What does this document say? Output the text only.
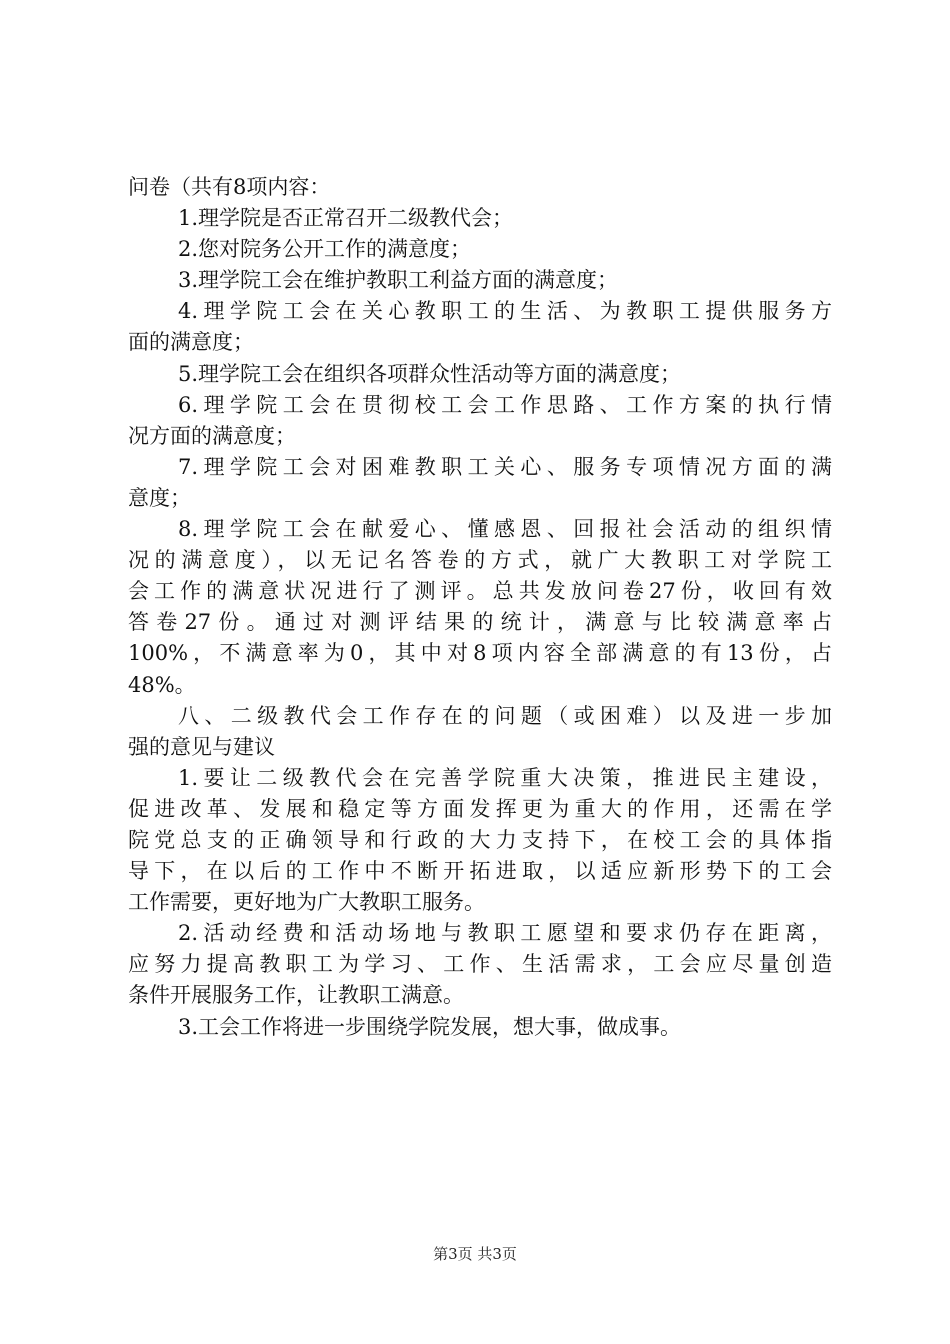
问卷（共有8项内容：
1.理学院是否正常召开二级教代会；
2.您对院务公开工作的满意度；
3.理学院工会在维护教职工利益方面的满意度；
4.理学院工会在关心教职工的生活、为教职工提供服务方
面的满意度；
5.理学院工会在组织各项群众性活动等方面的满意度；
6.理学院工会在贯彻校工会工作思路、工作方案的执行情
况方面的满意度；
7.理学院工会对困难教职工关心、服务专项情况方面的满
意度；
8.理学院工会在献爱心、懂感恩、回报社会活动的组织情
况的满意度），以无记名答卷的方式，就广大教职工对学院工
会工作的满意状况进行了测评。总共发放问卷27份，收回有效
答卷27份。通过对测评结果的统计，满意与比较满意率占
100%，不满意率为0，其中对8项内容全部满意的有13份，占
48%。
八、二级教代会工作存在的问题（或困难）以及进一步加
强的意见与建议
1.要让二级教代会在完善学院重大决策，推进民主建设，
促进改革、发展和稳定等方面发挥更为重大的作用，还需在学
院党总支的正确领导和行政的大力支持下，在校工会的具体指
导下，在以后的工作中不断开拓进取，以适应新形势下的工会
工作需要，更好地为广大教职工服务。
2.活动经费和活动场地与教职工愿望和要求仍存在距离，
应努力提高教职工为学习、工作、生活需求，工会应尽量创造
条件开展服务工作，让教职工满意。
3.工会工作将进一步围绕学院发展，想大事，做成事。
第3页 共3页
